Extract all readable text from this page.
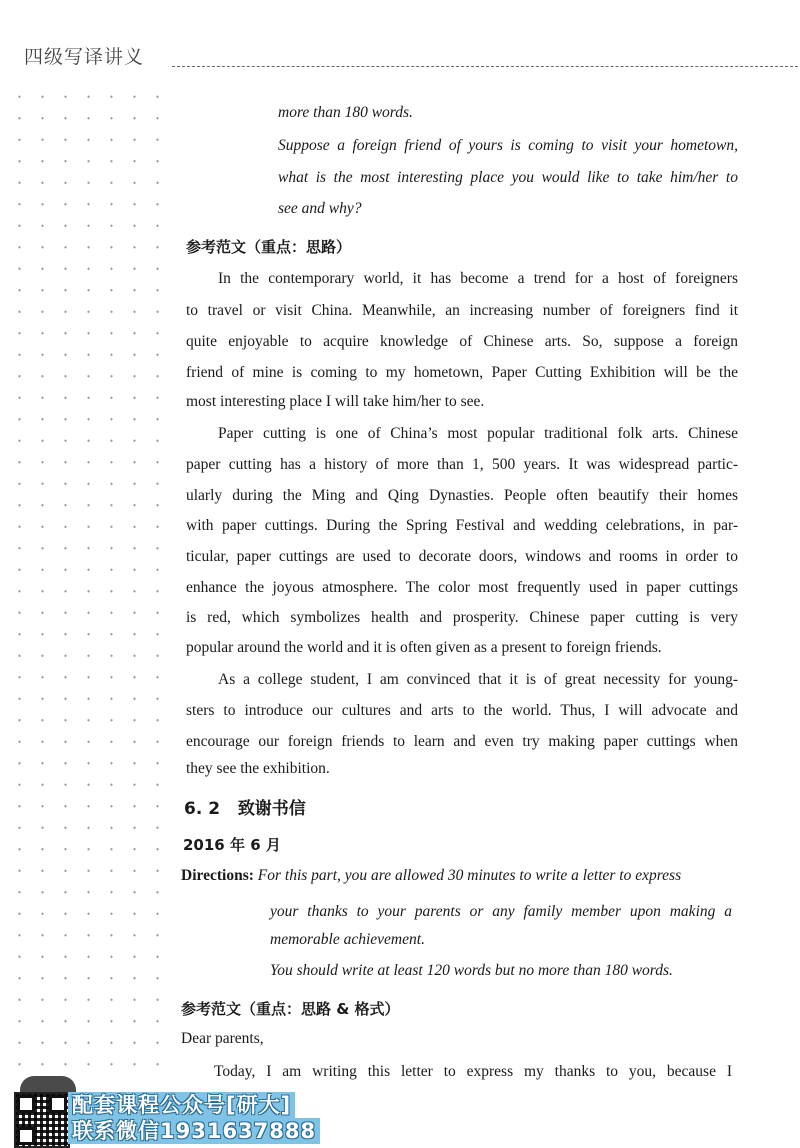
四级写译讲义

more than 180 words.

Suppose a foreign friend of yours is coming to visit your hometown,

what is the most interesting place you would like to take him/her to

see and why?

参考范文（重点：思路）

In the contemporary world, it has become a trend for a host of foreigners

to travel or visit China. Meanwhile, an increasing number of foreigners find it

quite enjoyable to acquire knowledge of Chinese arts. So, suppose a foreign

friend of mine is coming to my hometown, Paper Cutting Exhibition will be the

most interesting place I will take him/her to see.

Paper cutting is one of China’s most popular traditional folk arts. Chinese

paper cutting has a history of more than 1, 500 years. It was widespread partic-

ularly during the Ming and Qing Dynasties. People often beautify their homes

with paper cuttings. During the Spring Festival and wedding celebrations, in par-

ticular, paper cuttings are used to decorate doors, windows and rooms in order to

enhance the joyous atmosphere. The color most frequently used in paper cuttings

is red, which symbolizes health and prosperity. Chinese paper cutting is very

popular around the world and it is often given as a present to foreign friends.

As a college student, I am convinced that it is of great necessity for young-

sters to introduce our cultures and arts to the world. Thus, I will advocate and

encourage our foreign friends to learn and even try making paper cuttings when

they see the exhibition.

6. 2 致谢书信
2016 年 6 月

Directions: For this part, you are allowed 30 minutes to write a letter to express

your thanks to your parents or any family member upon making a

memorable achievement.

You should write at least 120 words but no more than 180 words.

参考范文（重点：思路 & 格式）

Dear parents,

Today, I am writing this letter to express my thanks to you, because I

配套课程公众号[研大]
联系微信1931637888
